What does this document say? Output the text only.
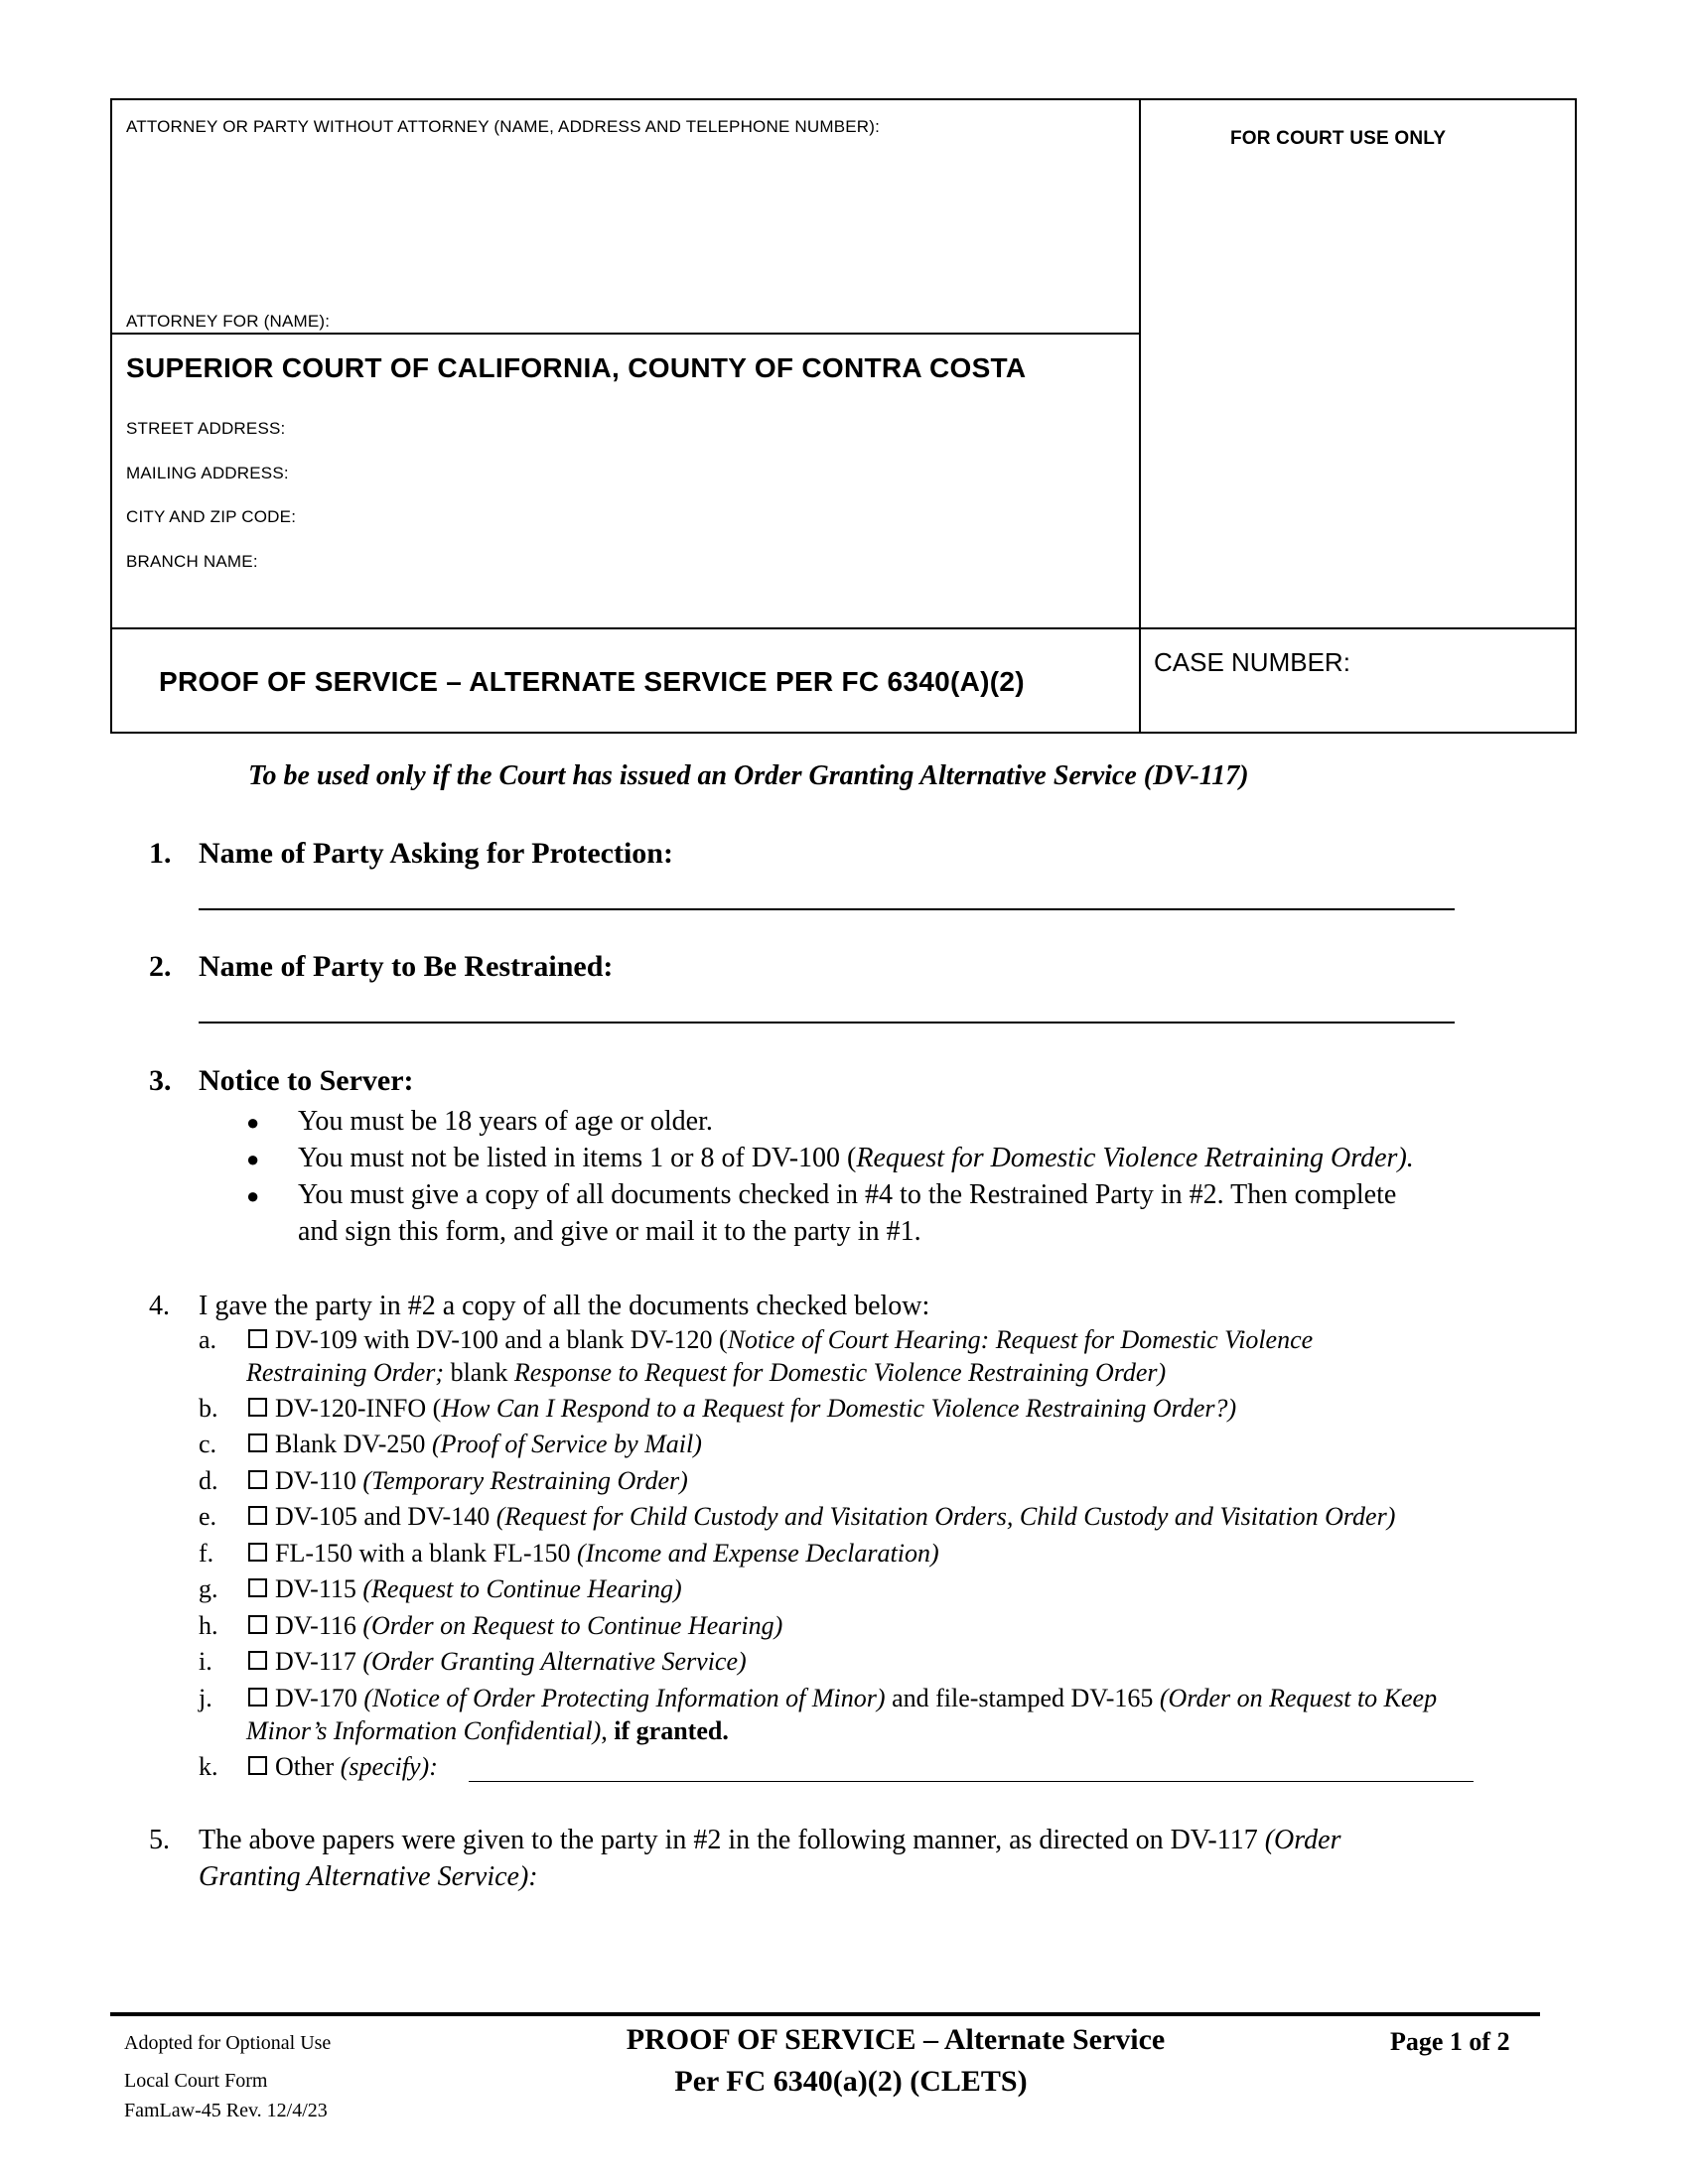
ATTORNEY OR PARTY WITHOUT ATTORNEY (NAME, ADDRESS AND TELEPHONE NUMBER):
FOR COURT USE ONLY
ATTORNEY FOR (NAME):
SUPERIOR COURT OF CALIFORNIA, COUNTY OF CONTRA COSTA
STREET ADDRESS:
MAILING ADDRESS:
CITY AND ZIP CODE:
BRANCH NAME:
PROOF OF SERVICE – ALTERNATE SERVICE PER FC 6340(A)(2)
CASE NUMBER:
To be used only if the Court has issued an Order Granting Alternative Service (DV-117)
1. Name of Party Asking for Protection:
2. Name of Party to Be Restrained:
3. Notice to Server:
● You must be 18 years of age or older.
● You must not be listed in items 1 or 8 of DV-100 (Request for Domestic Violence Retraining Order).
● You must give a copy of all documents checked in #4 to the Restrained Party in #2. Then complete
and sign this form, and give or mail it to the party in #1.
4. I gave the party in #2 a copy of all the documents checked below:
a. DV-109 with DV-100 and a blank DV-120 (Notice of Court Hearing: Request for Domestic Violence
Restraining Order; blank Response to Request for Domestic Violence Restraining Order)
b. DV-120-INFO (How Can I Respond to a Request for Domestic Violence Restraining Order?)
c. Blank DV-250 (Proof of Service by Mail)
d. DV-110 (Temporary Restraining Order)
e. DV-105 and DV-140 (Request for Child Custody and Visitation Orders, Child Custody and Visitation Order)
f. FL-150 with a blank FL-150 (Income and Expense Declaration)
g. DV-115 (Request to Continue Hearing)
h. DV-116 (Order on Request to Continue Hearing)
i. DV-117 (Order Granting Alternative Service)
j. DV-170 (Notice of Order Protecting Information of Minor) and file-stamped DV-165 (Order on Request to Keep
Minor’s Information Confidential), if granted.
k. Other (specify):
5. The above papers were given to the party in #2 in the following manner, as directed on DV-117 (Order
Granting Alternative Service):
Adopted for Optional Use
Local Court Form
FamLaw-45 Rev. 12/4/23
PROOF OF SERVICE – Alternate Service
Per FC 6340(a)(2) (CLETS)
Page 1 of 2
